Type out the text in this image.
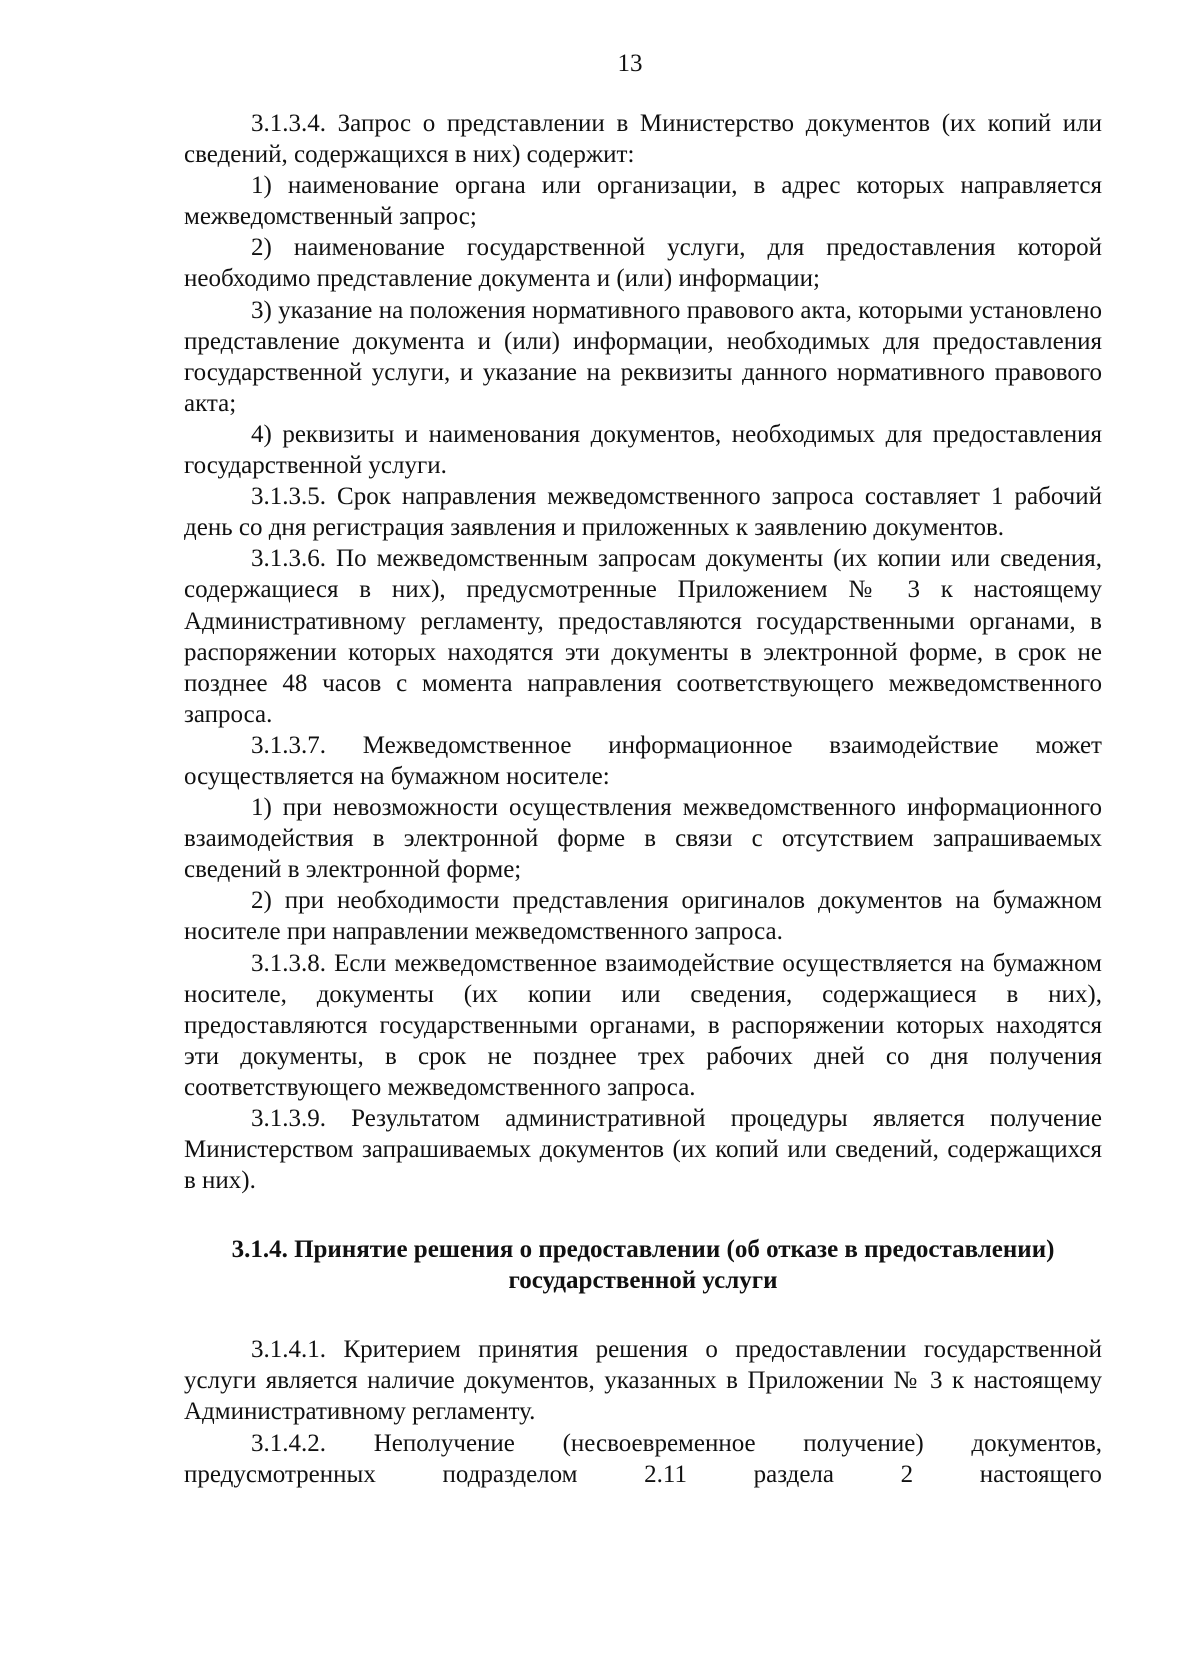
13

3.1.3.4. Запрос о представлении в Министерство документов (их копий или сведений, содержащихся в них) содержит:

1) наименование органа или организации, в адрес которых направляется межведомственный запрос;

2) наименование государственной услуги, для предоставления которой необходимо представление документа и (или) информации;

3) указание на положения нормативного правового акта, которыми установлено представление документа и (или) информации, необходимых для предоставления государственной услуги, и указание на реквизиты данного нормативного правового акта;

4) реквизиты и наименования документов, необходимых для предоставления государственной услуги.

3.1.3.5. Срок направления межведомственного запроса составляет 1 рабочий день со дня регистрация заявления и приложенных к заявлению документов.

3.1.3.6. По межведомственным запросам документы (их копии или сведения, содержащиеся в них), предусмотренные Приложением № 3 к настоящему Административному регламенту, предоставляются государственными органами, в распоряжении которых находятся эти документы в электронной форме, в срок не позднее 48 часов с момента направления соответствующего межведомственного запроса.

3.1.3.7. Межведомственное информационное взаимодействие может осуществляется на бумажном носителе:

1) при невозможности осуществления межведомственного информационного взаимодействия в электронной форме в связи с отсутствием запрашиваемых сведений в электронной форме;

2) при необходимости представления оригиналов документов на бумажном носителе при направлении межведомственного запроса.

3.1.3.8. Если межведомственное взаимодействие осуществляется на бумажном носителе, документы (их копии или сведения, содержащиеся в них), предоставляются государственными органами, в распоряжении которых находятся эти документы, в срок не позднее трех рабочих дней со дня получения соответствующего межведомственного запроса.

3.1.3.9. Результатом административной процедуры является получение Министерством запрашиваемых документов (их копий или сведений, содержащихся в них).

3.1.4. Принятие решения о предоставлении (об отказе в предоставлении)
государственной услуги

3.1.4.1. Критерием принятия решения о предоставлении государственной услуги является наличие документов, указанных в Приложении № 3 к настоящему Административному регламенту.

3.1.4.2. Неполучение (несвоевременное получение) документов,

предусмотренных	подразделом	2.11	раздела	2	настоящего
